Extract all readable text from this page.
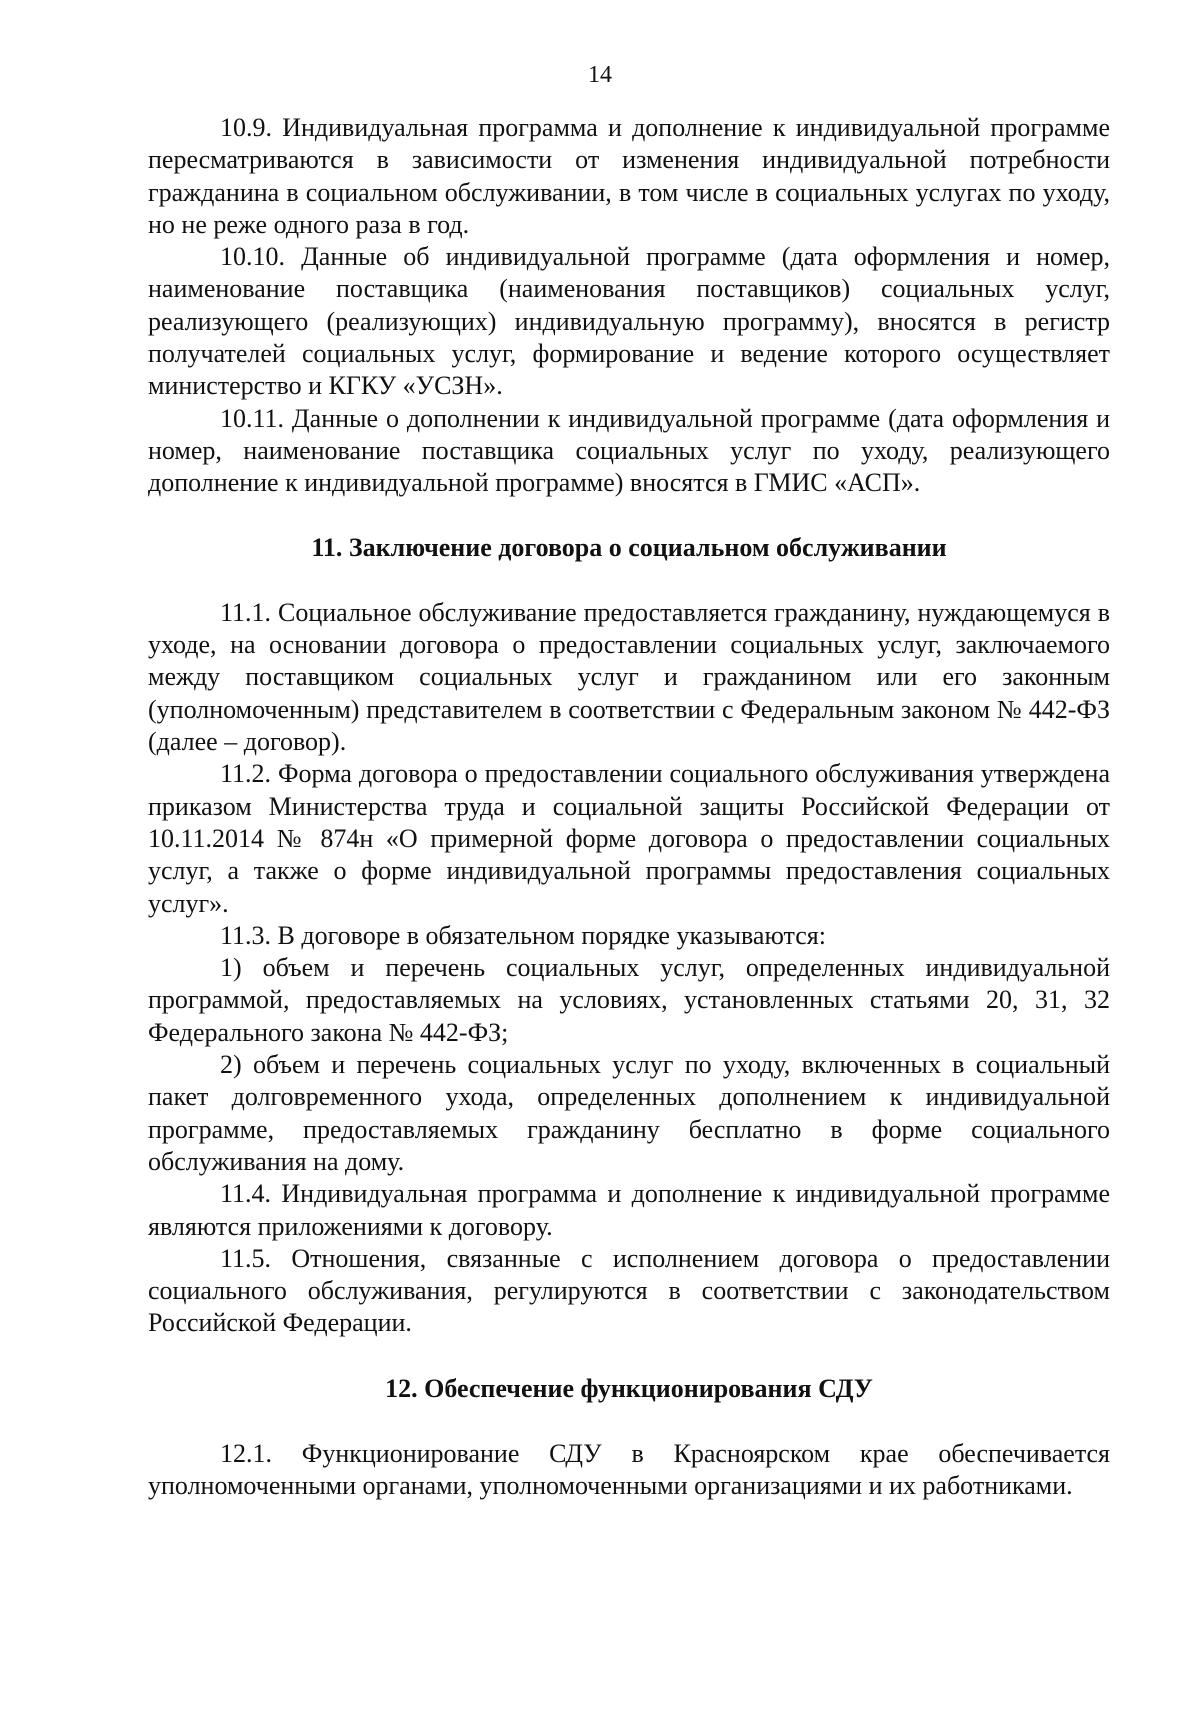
14

10.9. Индивидуальная программа и дополнение к индивидуальной программе пересматриваются в зависимости от изменения индивидуальной потребности гражданина в социальном обслуживании, в том числе в социальных услугах по уходу, но не реже одного раза в год.

10.10. Данные об индивидуальной программе (дата оформления и номер, наименование поставщика (наименования поставщиков) социальных услуг, реализующего (реализующих) индивидуальную программу), вносятся в регистр получателей социальных услуг, формирование и ведение которого осуществляет министерство и КГКУ «УСЗН».

10.11. Данные о дополнении к индивидуальной программе (дата оформления и номер, наименование поставщика социальных услуг по уходу, реализующего дополнение к индивидуальной программе) вносятся в ГМИС «АСП».

11. Заключение договора о социальном обслуживании

11.1. Социальное обслуживание предоставляется гражданину, нуждающемуся в уходе, на основании договора о предоставлении социальных услуг, заключаемого между поставщиком социальных услуг и гражданином или его законным (уполномоченным) представителем в соответствии с Федеральным законом № 442-ФЗ (далее – договор).

11.2. Форма договора о предоставлении социального обслуживания утверждена приказом Министерства труда и социальной защиты Российской Федерации от 10.11.2014 № 874н «О примерной форме договора о предоставлении социальных услуг, а также о форме индивидуальной программы предоставления социальных услуг».

11.3. В договоре в обязательном порядке указываются:

1) объем и перечень социальных услуг, определенных индивидуальной программой, предоставляемых на условиях, установленных статьями 20, 31, 32 Федерального закона № 442-ФЗ;

2) объем и перечень социальных услуг по уходу, включенных в социальный пакет долговременного ухода, определенных дополнением к индивидуальной программе, предоставляемых гражданину бесплатно в форме социального обслуживания на дому.

11.4. Индивидуальная программа и дополнение к индивидуальной программе являются приложениями к договору.

11.5. Отношения, связанные с исполнением договора о предоставлении социального обслуживания, регулируются в соответствии с законодательством Российской Федерации.

12. Обеспечение функционирования СДУ

12.1. Функционирование СДУ в Красноярском крае обеспечивается уполномоченными органами, уполномоченными организациями и их работниками.
